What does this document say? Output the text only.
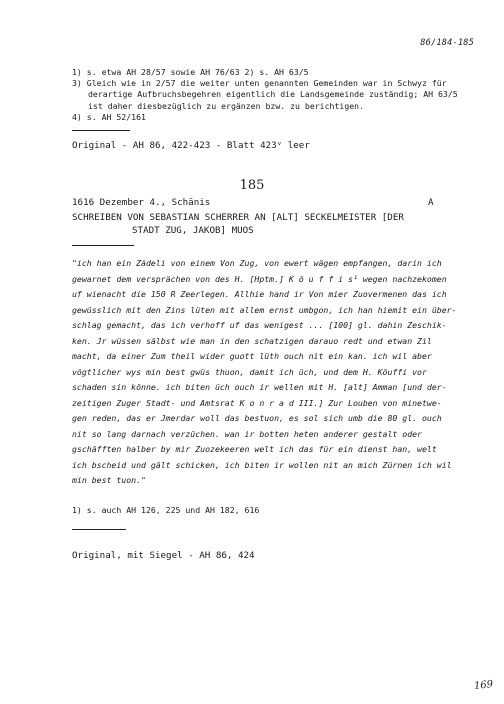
86/184-185
1) s. etwa AH 28/57 sowie AH 76/63 2) s. AH 63/5
3) Gleich wie in 2/57 die weiter unten genannten Gemeinden war in Schwyz für
derartige Aufbruchsbegehren eigentlich die Landsgemeinde zuständig; AH 63/5
ist daher diesbezüglich zu ergänzen bzw. zu berichtigen.
4) s. AH 52/161
Original - AH 86, 422-423 - Blatt 423ᵛ leer
185
1616 Dezember 4., Schänis	A
SCHREIBEN VON SEBASTIAN SCHERRER AN [ALT] SECKELMEISTER [DER
STADT ZUG, JAKOB] MUOS
"ich han ein Zädeli von einem Von Zug, von ewert wägen empfangen, darin ich
gewarnet dem versprächen von des H. [Hptm.] K ö u f f i s¹ wegen nachzekomen
uf wienacht die 150 R Zeerlegen. Allhie hand ir Von mier Zuovermenen das ich
gewüsslich mit den Zins lüten mit allem ernst umbgon, ich han hiemit ein über-
schlag gemacht, das ich verhoff uf das wenigest ... [100] gl. dahin Zeschik-
ken. Jr wüssen sälbst wie man in den schatzigen darauo redt und etwan Zil
macht, da einer Zum theil wider guott lüth ouch nit ein kan. ich wil aber
vögtlicher wys min best gwüs thuon, damit ich üch, und dem H. Köuffi vor
schaden sin könne. ich biten üch ouch ir wellen mit H. [alt] Amman [und der-
zeitigen Zuger Stadt- und Amtsrat K o n r a d III.] Zur Louben von minetwe-
gen reden, das er Jmerdar woll das bestuon, es sol sich umb die 80 gl. ouch
nit so lang darnach verzüchen. wan ir botten heten anderer gestalt oder
gschäfften halber by mir Zuozekeeren welt ich das für ein dienst han, welt
ich bscheid und gält schicken, ich biten ir wollen nit an mich Zürnen ich wil
min best tuon."
1) s. auch AH 126, 225 und AH 182, 616
Original, mit Siegel - AH 86, 424
169
